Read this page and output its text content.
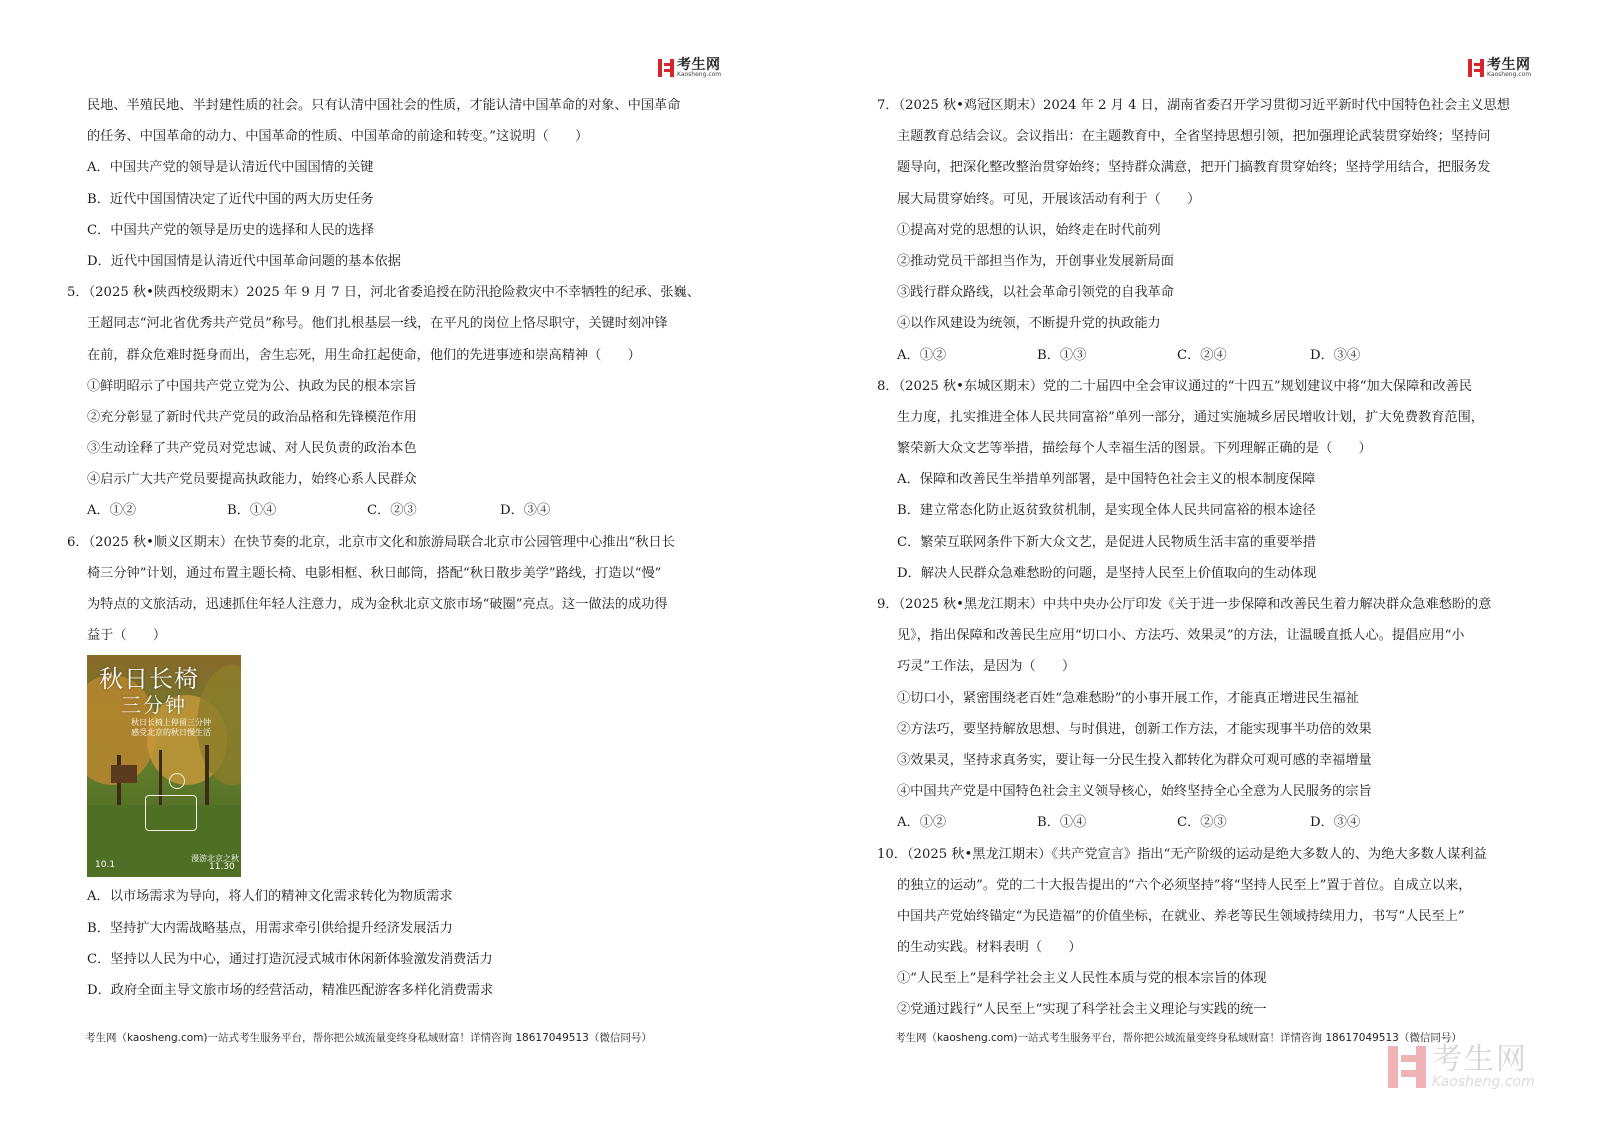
考生网
Kaosheng.com
民地、半殖民地、半封建性质的社会。只有认清中国社会的性质，才能认清中国革命的对象、中国革命
的任务、中国革命的动力、中国革命的性质、中国革命的前途和转变。”这说明（　　）
A．中国共产党的领导是认清近代中国国情的关键
B．近代中国国情决定了近代中国的两大历史任务
C．中国共产党的领导是历史的选择和人民的选择
D．近代中国国情是认清近代中国革命问题的基本依据
5．（2025 秋•陕西校级期末）2025 年 9 月 7 日，河北省委追授在防汛抢险救灾中不幸牺牲的纪承、张巍、
王超同志“河北省优秀共产党员”称号。他们扎根基层一线，在平凡的岗位上恪尽职守，关键时刻冲锋
在前，群众危难时挺身而出，舍生忘死，用生命扛起使命，他们的先进事迹和崇高精神（　　）
①鲜明昭示了中国共产党立党为公、执政为民的根本宗旨
②充分彰显了新时代共产党员的政治品格和先锋模范作用
③生动诠释了共产党员对党忠诚、对人民负责的政治本色
④启示广大共产党员要提高执政能力，始终心系人民群众
A．①②	B．①④	C．②③	D．③④
6．（2025 秋•顺义区期末）在快节奏的北京，北京市文化和旅游局联合北京市公园管理中心推出“秋日长
椅三分钟”计划，通过布置主题长椅、电影相框、秋日邮筒，搭配“秋日散步美学”路线，打造以“慢”
为特点的文旅活动，迅速抓住年轻人注意力，成为金秋北京文旅市场“破圈”亮点。这一做法的成功得
益于（　　）
秋日长椅
三分钟
秋日长椅上停留三分钟
感受北京的秋日慢生活
10.1
漫游北京之秋
11.30
A．以市场需求为导向，将人们的精神文化需求转化为物质需求
B．坚持扩大内需战略基点，用需求牵引供给提升经济发展活力
C．坚持以人民为中心，通过打造沉浸式城市休闲新体验激发消费活力
D．政府全面主导文旅市场的经营活动，精准匹配游客多样化消费需求
考生网（kaosheng.com)一站式考生服务平台，帮你把公域流量变终身私域财富！详情咨询 18617049513（微信同号）
考生网
Kaosheng.com
7．（2025 秋•鸡冠区期末）2024 年 2 月 4 日，湖南省委召开学习贯彻习近平新时代中国特色社会主义思想
主题教育总结会议。会议指出：在主题教育中，全省坚持思想引领，把加强理论武装贯穿始终；坚持问
题导向，把深化整改整治贯穿始终；坚持群众满意，把开门搞教育贯穿始终；坚持学用结合，把服务发
展大局贯穿始终。可见，开展该活动有利于（　　）
①提高对党的思想的认识，始终走在时代前列
②推动党员干部担当作为，开创事业发展新局面
③践行群众路线，以社会革命引领党的自我革命
④以作风建设为统领，不断提升党的执政能力
A．①②	B．①③	C．②④	D．③④
8．（2025 秋•东城区期末）党的二十届四中全会审议通过的“十四五”规划建议中将“加大保障和改善民
生力度，扎实推进全体人民共同富裕”单列一部分，通过实施城乡居民增收计划，扩大免费教育范围，
繁荣新大众文艺等举措，描绘每个人幸福生活的图景。下列理解正确的是（　　）
A．保障和改善民生举措单列部署，是中国特色社会主义的根本制度保障
B．建立常态化防止返贫致贫机制，是实现全体人民共同富裕的根本途径
C．繁荣互联网条件下新大众文艺，是促进人民物质生活丰富的重要举措
D．解决人民群众急难愁盼的问题，是坚持人民至上价值取向的生动体现
9．（2025 秋•黑龙江期末）中共中央办公厅印发《关于进一步保障和改善民生着力解决群众急难愁盼的意
见》，指出保障和改善民生应用“切口小、方法巧、效果灵”的方法，让温暖直抵人心。提倡应用“小
巧灵”工作法，是因为（　　）
①切口小，紧密围绕老百姓“急难愁盼”的小事开展工作，才能真正增进民生福祉
②方法巧，要坚持解放思想、与时俱进，创新工作方法，才能实现事半功倍的效果
③效果灵，坚持求真务实，要让每一分民生投入都转化为群众可观可感的幸福增量
④中国共产党是中国特色社会主义领导核心，始终坚持全心全意为人民服务的宗旨
A．①②	B．①④	C．②③	D．③④
10．（2025 秋•黑龙江期末）《共产党宣言》指出“无产阶级的运动是绝大多数人的、为绝大多数人谋利益
的独立的运动”。党的二十大报告提出的“六个必须坚持”将“坚持人民至上”置于首位。自成立以来，
中国共产党始终锚定“为民造福”的价值坐标，在就业、养老等民生领域持续用力，书写“人民至上”
的生动实践。材料表明（　　）
①“人民至上”是科学社会主义人民性本质与党的根本宗旨的体现
②党通过践行“人民至上”实现了科学社会主义理论与实践的统一
考生网（kaosheng.com)一站式考生服务平台，帮你把公域流量变终身私域财富！详情咨询 18617049513（微信同号）
考生网
Kaosheng.com
